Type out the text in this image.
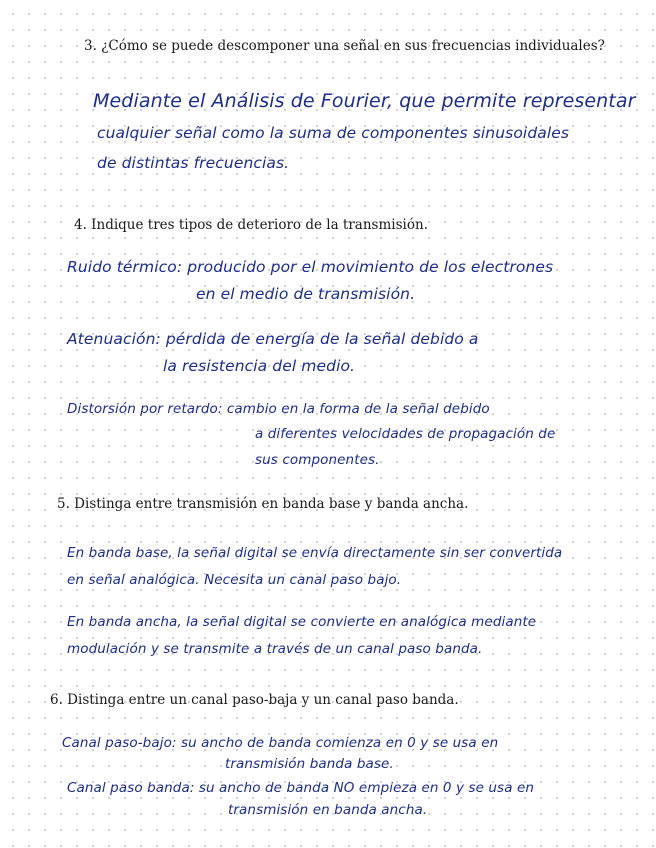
3. ¿Cómo se puede descomponer una señal en sus frecuencias individuales?

Mediante el Análisis de Fourier, que permite representar

cualquier señal como la suma de componentes sinusoidales

de distintas frecuencias.

4. Indique tres tipos de deterioro de la transmisión.

Ruido térmico: producido por el movimiento de los electrones

en el medio de transmisión.

Atenuación: pérdida de energía de la señal debido a

la resistencia del medio.

Distorsión por retardo: cambio en la forma de la señal debido

a diferentes velocidades de propagación de

sus componentes.

5. Distinga entre transmisión en banda base y banda ancha.

En banda base, la señal digital se envía directamente sin ser convertida

en señal analógica. Necesita un canal paso bajo.

En banda ancha, la señal digital se convierte en analógica mediante

modulación y se transmite a través de un canal paso banda.

6. Distinga entre un canal paso-baja y un canal paso banda.

Canal paso-bajo: su ancho de banda comienza en 0 y se usa en

transmisión banda base.

Canal paso banda: su ancho de banda NO empieza en 0 y se usa en

transmisión en banda ancha.
